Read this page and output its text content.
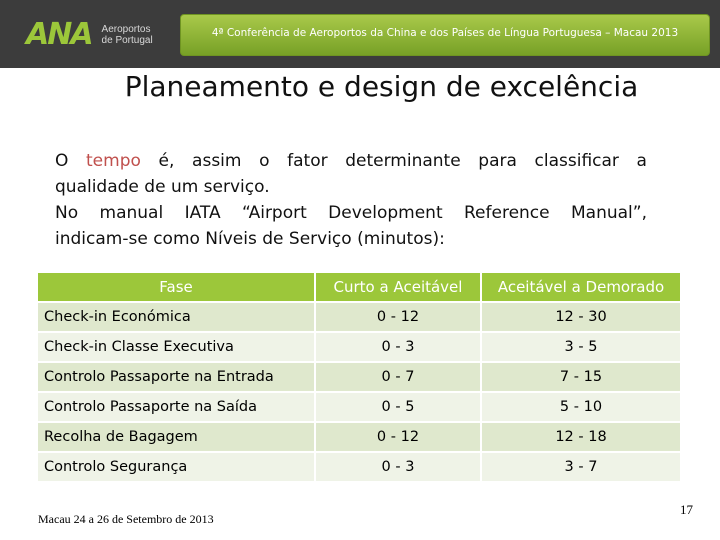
ANA Aeroportos
de Portugal
4ª Conferência de Aeroportos da China e dos Países de Língua Portuguesa – Macau 2013
Planeamento e design de excelência
O tempo é, assim o fator determinante para classificar a
qualidade de um serviço.
No manual IATA “Airport Development Reference Manual”,
indicam-se como Níveis de Serviço (minutos):
Fase	Curto a Aceitável	Aceitável a Demorado
Check-in Económica	0 - 12	12 - 30
Check-in Classe Executiva	0 - 3	3 - 5
Controlo Passaporte na Entrada	0 - 7	7 - 15
Controlo Passaporte na Saída	0 - 5	5 - 10
Recolha de Bagagem	0 - 12	12 - 18
Controlo Segurança	0 - 3	3 - 7
Macau 24 a 26 de Setembro de 2013
17
